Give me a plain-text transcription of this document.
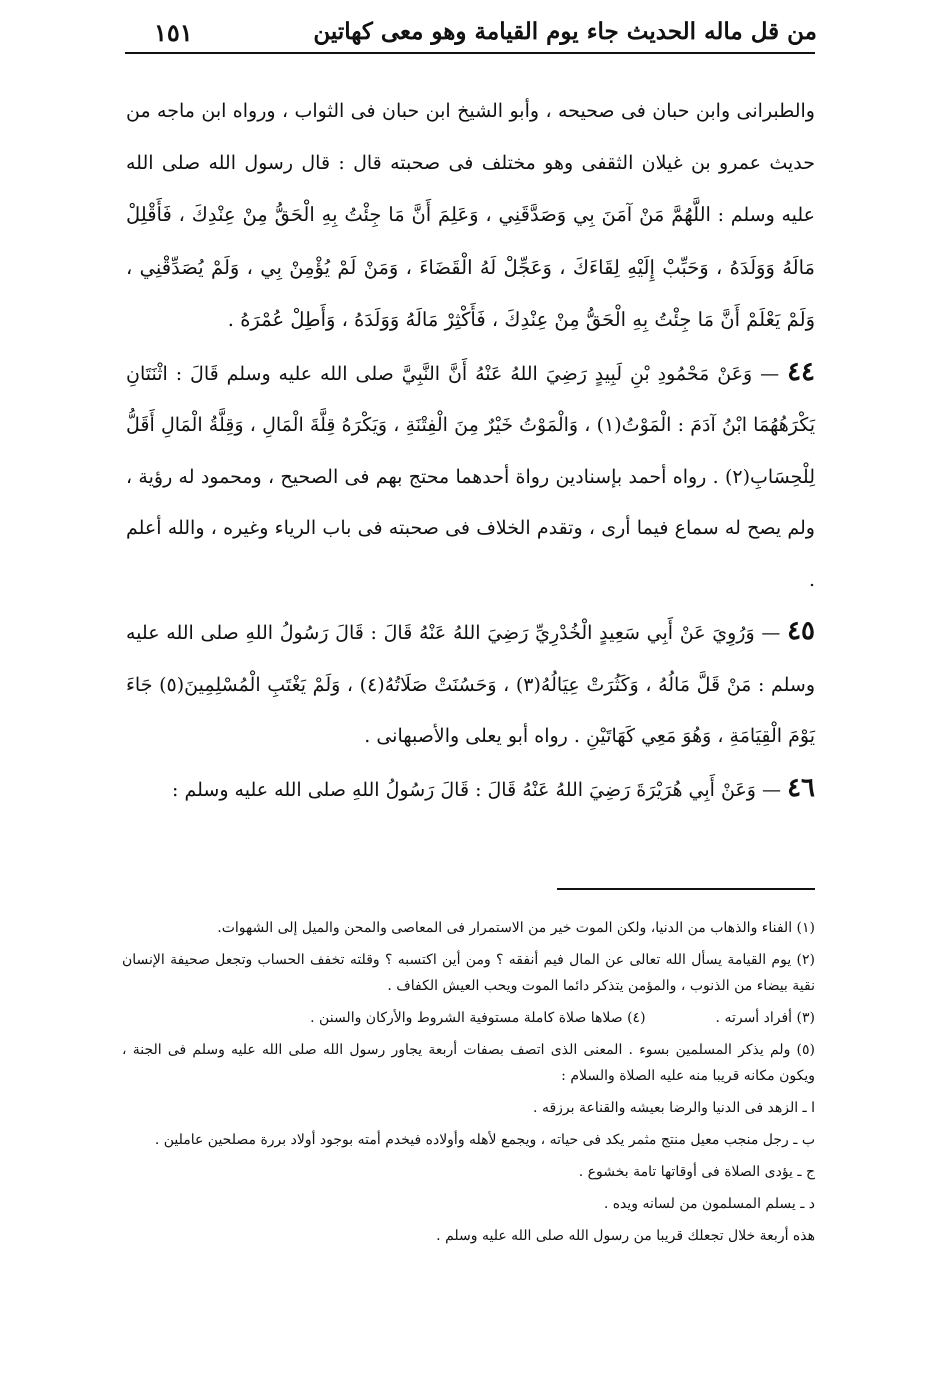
من قل ماله الحديث جاء يوم القيامة وهو معى كهاتين
١٥١

والطبرانى وابن حبان فى صحيحه ، وأبو الشيخ ابن حبان فى الثواب ، ورواه ابن ماجه من حديث عمرو بن غيلان الثقفى وهو مختلف فى صحبته قال : قال رسول الله صلى الله عليه وسلم : اللَّهُمَّ مَنْ آمَنَ بِي وَصَدَّقَنِي ، وَعَلِمَ أَنَّ مَا جِئْتُ بِهِ الْحَقُّ مِنْ عِنْدِكَ ، فَأَقْلِلْ مَالَهُ وَوَلَدَهُ ، وَحَبِّبْ إِلَيْهِ لِقَاءَكَ ، وَعَجِّلْ لَهُ الْقَضَاءَ ، وَمَنْ لَمْ يُؤْمِنْ بِي ، وَلَمْ يُصَدِّقْنِي ، وَلَمْ يَعْلَمْ أَنَّ مَا جِئْتُ بِهِ الْحَقُّ مِنْ عِنْدِكَ ، فَأَكْثِرْ مَالَهُ وَوَلَدَهُ ، وَأَطِلْ عُمْرَهُ .

٤٤ — وَعَنْ مَحْمُودِ بْنِ لَبِيدٍ رَضِيَ اللهُ عَنْهُ أَنَّ النَّبِيَّ صلى الله عليه وسلم قَالَ : اثْنَتَانِ يَكْرَهُهُمَا ابْنُ آدَمَ : الْمَوْتُ(١) ، وَالْمَوْتُ خَيْرٌ مِنَ الْفِتْنَةِ ، وَيَكْرَهُ قِلَّةَ الْمَالِ ، وَقِلَّةُ الْمَالِ أَقَلُّ لِلْحِسَابِ(٢) . رواه أحمد بإسنادين رواة أحدهما محتج بهم فى الصحيح ، ومحمود له رؤية ، ولم يصح له سماع فيما أرى ، وتقدم الخلاف فى صحبته فى باب الرياء وغيره ، والله أعلم .

٤٥ — وَرُوِيَ عَنْ أَبِي سَعِيدٍ الْخُدْرِيِّ رَضِيَ اللهُ عَنْهُ قَالَ : قَالَ رَسُولُ اللهِ صلى الله عليه وسلم : مَنْ قَلَّ مَالُهُ ، وَكَثُرَتْ عِيَالُهُ(٣) ، وَحَسُنَتْ صَلَاتُهُ(٤) ، وَلَمْ يَغْتَبِ الْمُسْلِمِينَ(٥) جَاءَ يَوْمَ الْقِيَامَةِ ، وَهُوَ مَعِي كَهَاتَيْنِ . رواه أبو يعلى والأصبهانى .

٤٦ — وَعَنْ أَبِي هُرَيْرَةَ رَضِيَ اللهُ عَنْهُ قَالَ : قَالَ رَسُولُ اللهِ صلى الله عليه وسلم :

(١) الفناء والذهاب من الدنيا، ولكن الموت خير من الاستمرار فى المعاصى والمحن والميل إلى الشهوات.

(٢) يوم القيامة يسأل الله تعالى عن المال فيم أنفقه ؟ ومن أين اكتسبه ؟ وقلته تخفف الحساب وتجعل صحيفة الإنسان نقية بيضاء من الذنوب ، والمؤمن يتذكر دائما الموت ويحب العيش الكفاف .

(٣) أفراد أسرته .
(٤) صلاها صلاة كاملة مستوفية الشروط والأركان والسنن .

(٥) ولم يذكر المسلمين بسوء . المعنى الذى اتصف بصفات أربعة يجاور رسول الله صلى الله عليه وسلم فى الجنة ، ويكون مكانه قريبا منه عليه الصلاة والسلام :

ا ـ الزهد فى الدنيا والرضا بعيشه والقناعة برزقه .

ب ـ رجل منجب معيل منتج مثمر يكد فى حياته ، ويجمع لأهله وأولاده فيخدم أمته بوجود أولاد بررة مصلحين عاملين .

ج ـ يؤدى الصلاة فى أوقاتها تامة بخشوع .

د ـ يسلم المسلمون من لسانه ويده .

هذه أربعة خلال تجعلك قريبا من رسول الله صلى الله عليه وسلم .
